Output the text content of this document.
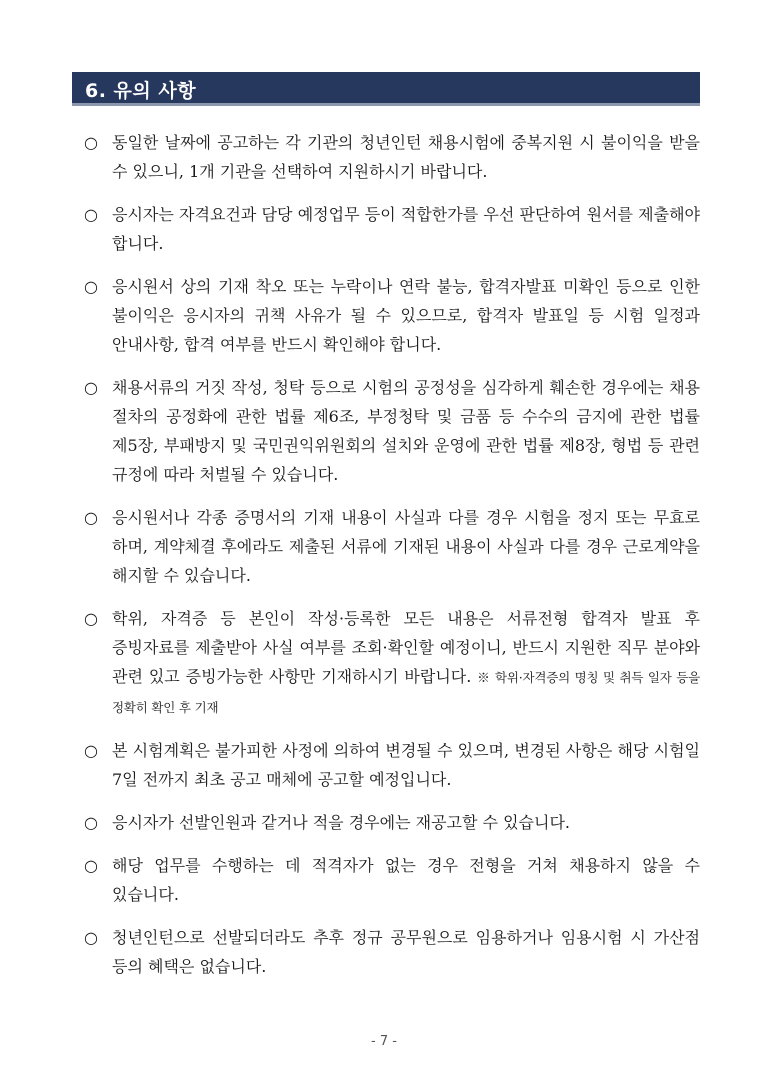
6. 유의 사항
○ 동일한 날짜에 공고하는 각 기관의 청년인턴 채용시험에 중복지원 시 불이익을 받을 수 있으니, 1개 기관을 선택하여 지원하시기 바랍니다.
○ 응시자는 자격요건과 담당 예정업무 등이 적합한가를 우선 판단하여 원서를 제출해야 합니다.
○ 응시원서 상의 기재 착오 또는 누락이나 연락 불능, 합격자발표 미확인 등으로 인한 불이익은 응시자의 귀책 사유가 될 수 있으므로, 합격자 발표일 등 시험 일정과 안내사항, 합격 여부를 반드시 확인해야 합니다.
○ 채용서류의 거짓 작성, 청탁 등으로 시험의 공정성을 심각하게 훼손한 경우에는 채용 절차의 공정화에 관한 법률 제6조, 부정청탁 및 금품 등 수수의 금지에 관한 법률 제5장, 부패방지 및 국민권익위원회의 설치와 운영에 관한 법률 제8장, 형법 등 관련 규정에 따라 처벌될 수 있습니다.
○ 응시원서나 각종 증명서의 기재 내용이 사실과 다를 경우 시험을 정지 또는 무효로 하며, 계약체결 후에라도 제출된 서류에 기재된 내용이 사실과 다를 경우 근로계약을 해지할 수 있습니다.
○ 학위, 자격증 등 본인이 작성·등록한 모든 내용은 서류전형 합격자 발표 후 증빙자료를 제출받아 사실 여부를 조회·확인할 예정이니, 반드시 지원한 직무 분야와 관련 있고 증빙가능한 사항만 기재하시기 바랍니다. ※ 학위·자격증의 명칭 및 취득 일자 등을 정확히 확인 후 기재
○ 본 시험계획은 불가피한 사정에 의하여 변경될 수 있으며, 변경된 사항은 해당 시험일 7일 전까지 최초 공고 매체에 공고할 예정입니다.
○ 응시자가 선발인원과 같거나 적을 경우에는 재공고할 수 있습니다.
○ 해당 업무를 수행하는 데 적격자가 없는 경우 전형을 거쳐 채용하지 않을 수 있습니다.
○ 청년인턴으로 선발되더라도 추후 정규 공무원으로 임용하거나 임용시험 시 가산점 등의 혜택은 없습니다.
- 7 -
